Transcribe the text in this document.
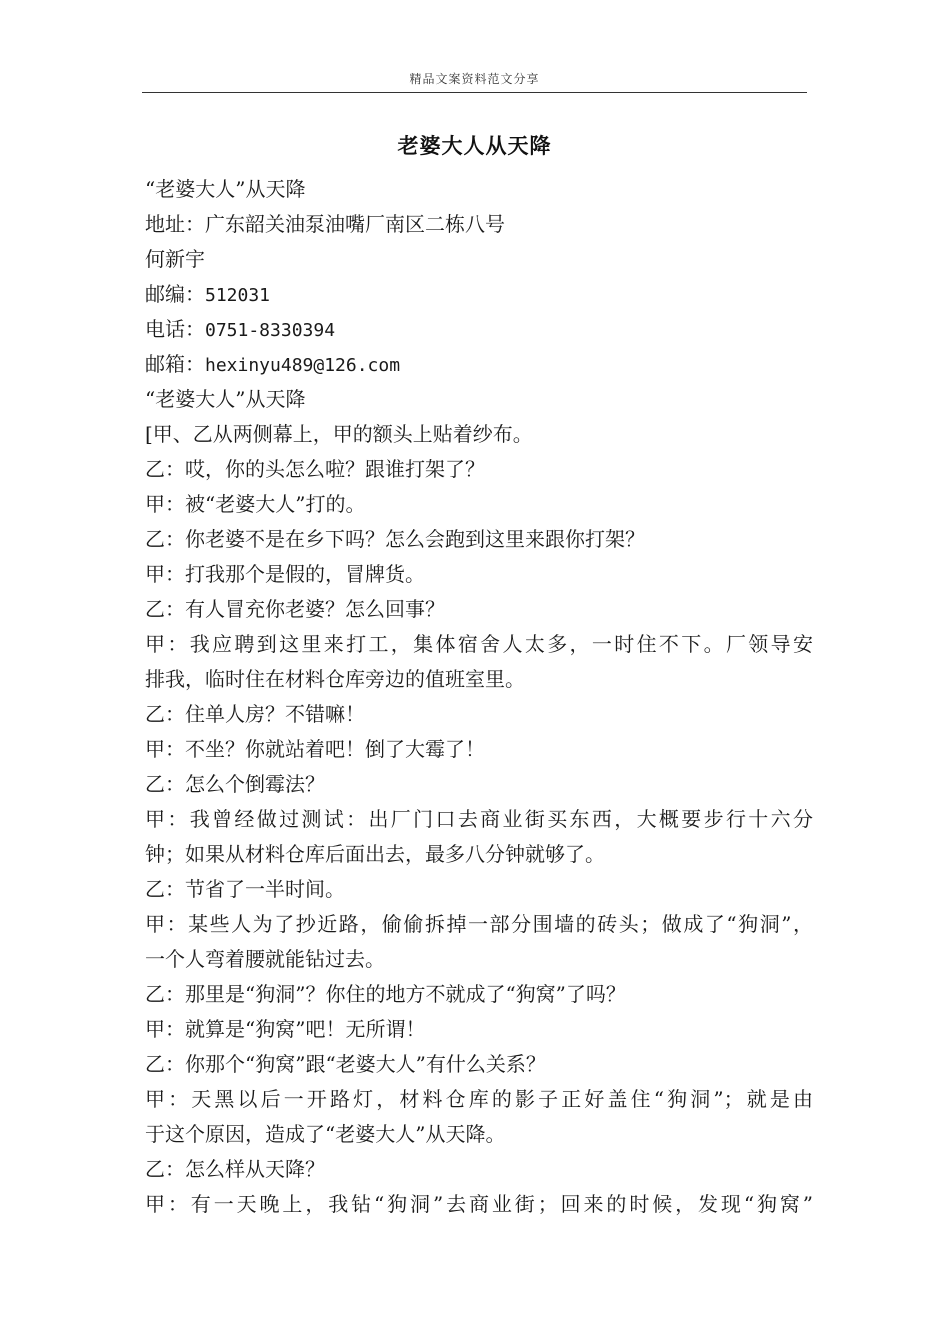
精品文案资料范文分享
老婆大人从天降
“老婆大人”从天降
地址：广东韶关油泵油嘴厂南区二栋八号
何新宇
邮编：512031
电话：0751-8330394
邮箱：hexinyu489@126.com
“老婆大人”从天降
[甲、乙从两侧幕上，甲的额头上贴着纱布。
乙：哎，你的头怎么啦？跟谁打架了？
甲：被“老婆大人”打的。
乙：你老婆不是在乡下吗？怎么会跑到这里来跟你打架？
甲：打我那个是假的，冒牌货。
乙：有人冒充你老婆？怎么回事？
甲：我应聘到这里来打工，集体宿舍人太多，一时住不下。厂领导安
排我，临时住在材料仓库旁边的值班室里。
乙：住单人房？不错嘛！
甲：不坐？你就站着吧！倒了大霉了！
乙：怎么个倒霉法？
甲：我曾经做过测试：出厂门口去商业街买东西，大概要步行十六分
钟；如果从材料仓库后面出去，最多八分钟就够了。
乙：节省了一半时间。
甲：某些人为了抄近路，偷偷拆掉一部分围墙的砖头；做成了“狗洞”，
一个人弯着腰就能钻过去。
乙：那里是“狗洞”？你住的地方不就成了“狗窝”了吗？
甲：就算是“狗窝”吧！无所谓！
乙：你那个“狗窝”跟“老婆大人”有什么关系？
甲：天黑以后一开路灯，材料仓库的影子正好盖住“狗洞”；就是由
于这个原因，造成了“老婆大人”从天降。
乙：怎么样从天降？
甲：有一天晚上，我钻“狗洞”去商业街；回来的时候，发现“狗窝”
